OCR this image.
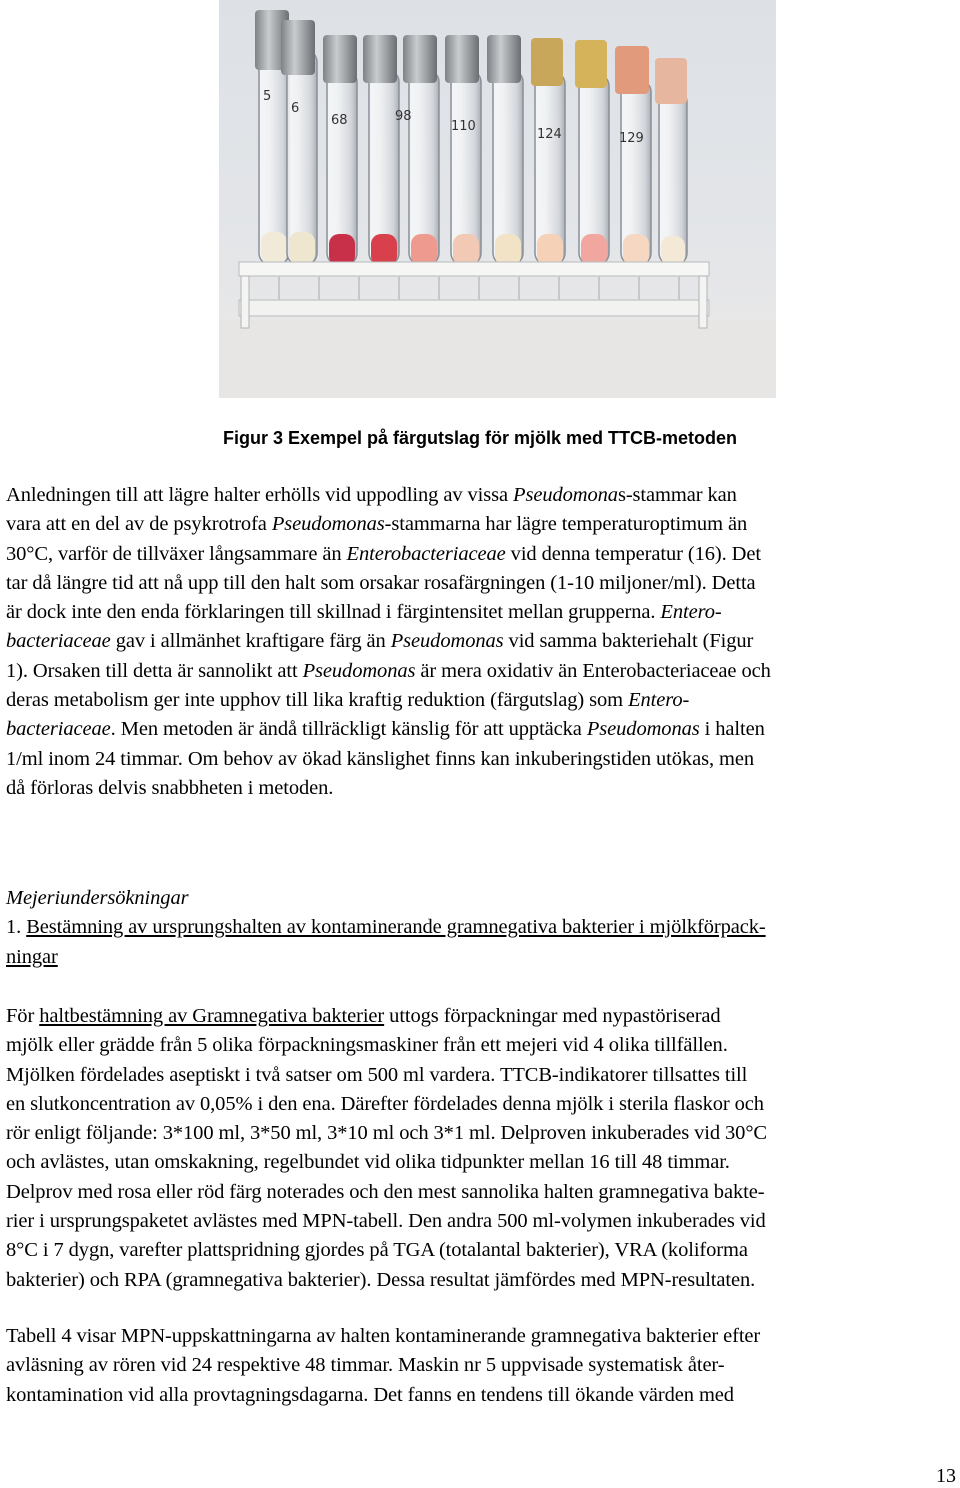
5
6
68	98
110
124	129
Figur 3 Exempel på färgutslag för mjölk med TTCB-metoden

Anledningen till att lägre halter erhölls vid uppodling av vissa Pseudomonas-stammar kan
vara att en del av de psykrotrofa Pseudomonas-stammarna har lägre temperaturoptimum än
30°C, varför de tillväxer långsammare än Enterobacteriaceae vid denna temperatur (16). Det
tar då längre tid att nå upp till den halt som orsakar rosafärgningen (1-10 miljoner/ml). Detta
är dock inte den enda förklaringen till skillnad i färgintensitet mellan grupperna. Entero-
bacteriaceae gav i allmänhet kraftigare färg än Pseudomonas vid samma bakteriehalt (Figur
1). Orsaken till detta är sannolikt att Pseudomonas är mera oxidativ än Enterobacteriaceae och
deras metabolism ger inte upphov till lika kraftig reduktion (färgutslag) som Entero-
bacteriaceae. Men metoden är ändå tillräckligt känslig för att upptäcka Pseudomonas i halten
1/ml inom 24 timmar. Om behov av ökad känslighet finns kan inkuberingstiden utökas, men
då förloras delvis snabbheten i metoden.

Mejeriundersökningar
1. Bestämning av ursprungshalten av kontaminerande gramnegativa bakterier i mjölkförpack-
ningar

För haltbestämning av Gramnegativa bakterier uttogs förpackningar med nypastöriserad
mjölk eller grädde från 5 olika förpackningsmaskiner från ett mejeri vid 4 olika tillfällen.
Mjölken fördelades aseptiskt i två satser om 500 ml vardera. TTCB-indikatorer tillsattes till
en slutkoncentration av 0,05% i den ena. Därefter fördelades denna mjölk i sterila flaskor och
rör enligt följande: 3*100 ml, 3*50 ml, 3*10 ml och 3*1 ml. Delproven inkuberades vid 30°C
och avlästes, utan omskakning, regelbundet vid olika tidpunkter mellan 16 till 48 timmar.
Delprov med rosa eller röd färg noterades och den mest sannolika halten gramnegativa bakte-
rier i ursprungspaketet avlästes med MPN-tabell. Den andra 500 ml-volymen inkuberades vid
8°C i 7 dygn, varefter plattspridning gjordes på TGA (totalantal bakterier), VRA (koliforma
bakterier) och RPA (gramnegativa bakterier). Dessa resultat jämfördes med MPN-resultaten.

Tabell 4 visar MPN-uppskattningarna av halten kontaminerande gramnegativa bakterier efter
avläsning av rören vid 24 respektive 48 timmar. Maskin nr 5 uppvisade systematisk åter-
kontamination vid alla provtagningsdagarna. Det fanns en tendens till ökande värden med

13
